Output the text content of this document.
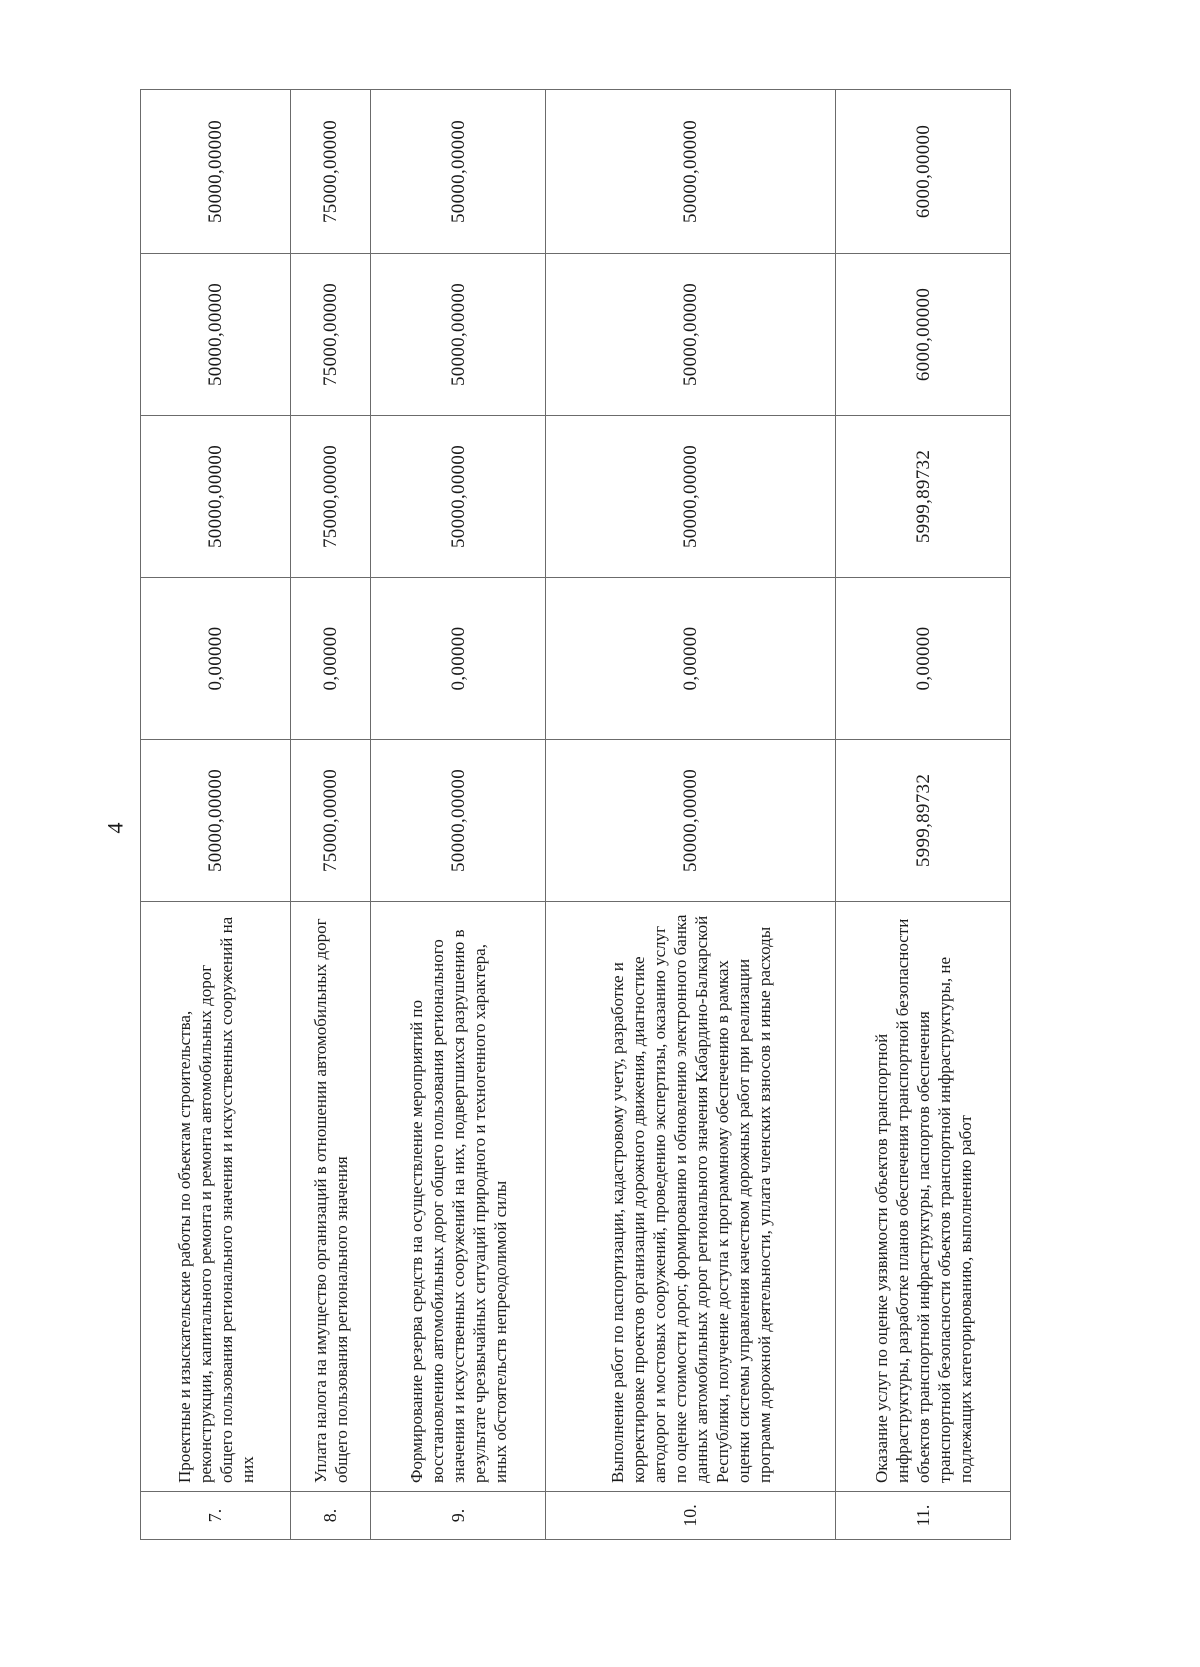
4
7.	Проектные и изыскательские работы по объектам строительства, реконструкции, капитального ремонта и ремонта автомобильных дорог общего пользования регионального значения и искусственных сооружений на них	50000,00000	0,00000	50000,00000	50000,00000	50000,00000
8.	Уплата налога на имущество организаций в отношении автомобильных дорог общего пользования регионального значения	75000,00000	0,00000	75000,00000	75000,00000	75000,00000
9.	Формирование резерва средств на осуществление мероприятий по восстановлению автомобильных дорог общего пользования регионального значения и искусственных сооружений на них, подвергшихся разрушению в результате чрезвычайных ситуаций природного и техногенного характера, иных обстоятельств непреодолимой силы	50000,00000	0,00000	50000,00000	50000,00000	50000,00000
10.	Выполнение работ по паспортизации, кадастровому учету, разработке и корректировке проектов организации дорожного движения, диагностике автодорог и мостовых сооружений, проведению экспертизы, оказанию услуг по оценке стоимости дорог, формированию и обновлению электронного банка данных автомобильных дорог регионального значения Кабардино-Балкарской Республики, получение доступа к программному обеспечению в рамках оценки системы управления качеством дорожных работ при реализации программ дорожной деятельности, уплата членских взносов и иные расходы	50000,00000	0,00000	50000,00000	50000,00000	50000,00000
11.	Оказание услуг по оценке уязвимости объектов транспортной инфраструктуры, разработке планов обеспечения транспортной безопасности объектов транспортной инфраструктуры, паспортов обеспечения транспортной безопасности объектов транспортной инфраструктуры, не подлежащих категорированию, выполнению работ	5999,89732	0,00000	5999,89732	6000,00000	6000,00000
